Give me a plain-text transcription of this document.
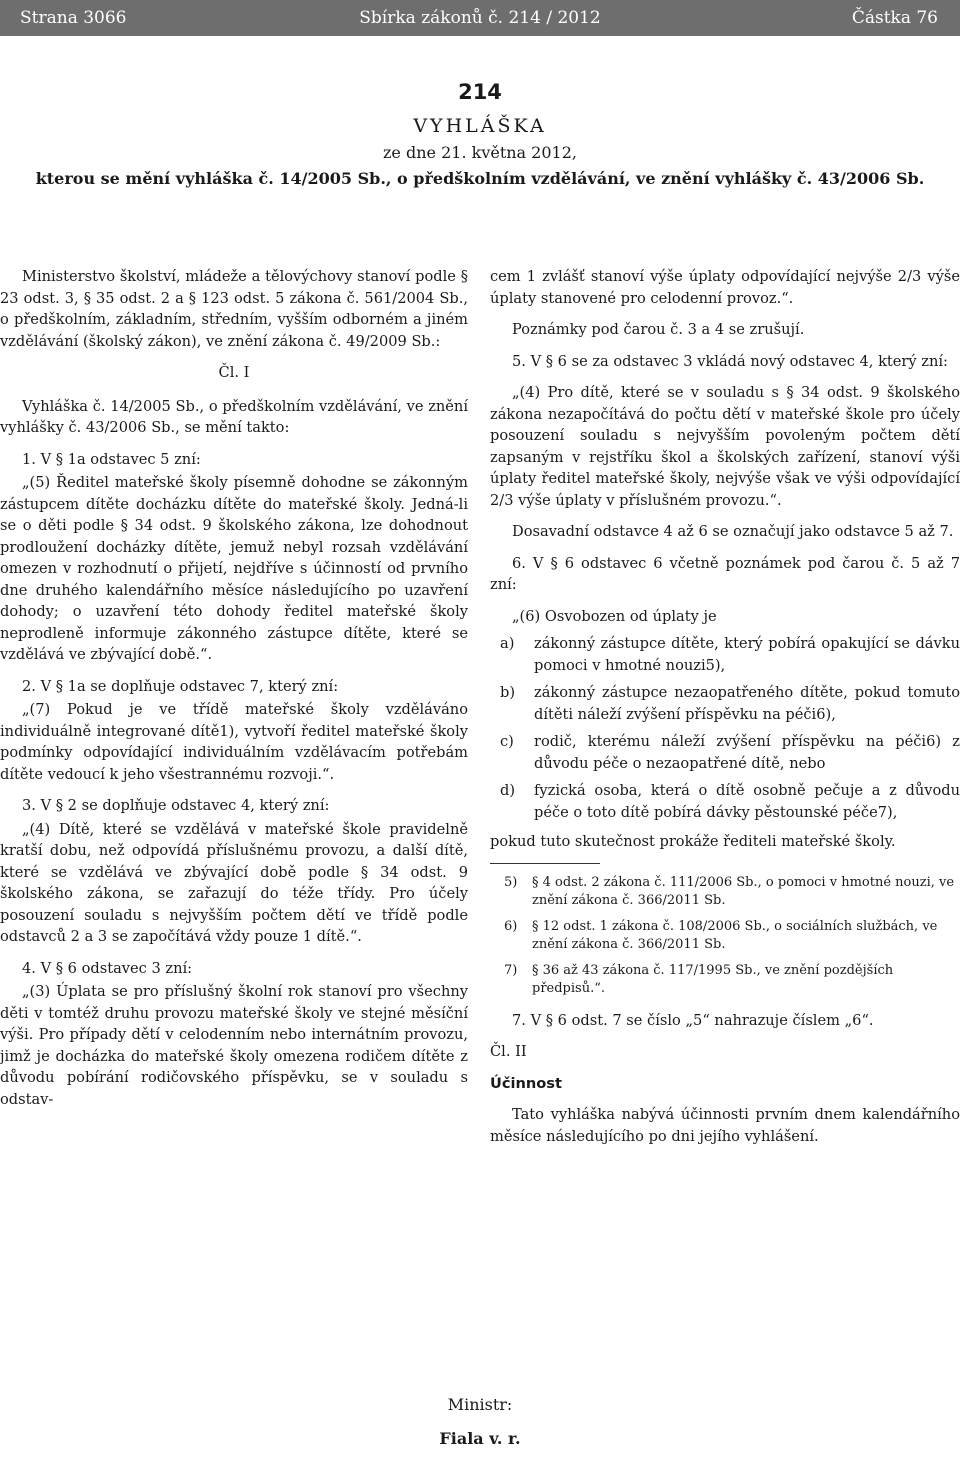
Strana 3066	Sbírka zákonů č. 214 / 2012	Částka 76
214
VYHLÁŠKA
ze dne 21. května 2012,
kterou se mění vyhláška č. 14/2005 Sb., o předškolním vzdělávání, ve znění vyhlášky č. 43/2006 Sb.

Ministerstvo školství, mládeže a tělovýchovy stanoví podle § 23 odst. 3, § 35 odst. 2 a § 123 odst. 5 zákona č. 561/2004 Sb., o předškolním, základním, středním, vyšším odborném a jiném vzdělávání (školský zákon), ve znění zákona č. 49/2009 Sb.:

Čl. I

Vyhláška č. 14/2005 Sb., o předškolním vzdělávání, ve znění vyhlášky č. 43/2006 Sb., se mění takto:

1. V § 1a odstavec 5 zní:

„(5) Ředitel mateřské školy písemně dohodne se zákonným zástupcem dítěte docházku dítěte do mateřské školy. Jedná-li se o děti podle § 34 odst. 9 školského zákona, lze dohodnout prodloužení docházky dítěte, jemuž nebyl rozsah vzdělávání omezen v rozhodnutí o přijetí, nejdříve s účinností od prvního dne druhého kalendářního měsíce následujícího po uzavření dohody; o uzavření této dohody ředitel mateřské školy neprodleně informuje zákonného zástupce dítěte, které se vzdělává ve zbývající době.“.

2. V § 1a se doplňuje odstavec 7, který zní:

„(7) Pokud je ve třídě mateřské školy vzděláváno individuálně integrované dítě1), vytvoří ředitel mateřské školy podmínky odpovídající individuálním vzdělávacím potřebám dítěte vedoucí k jeho všestrannému rozvoji.“.

3. V § 2 se doplňuje odstavec 4, který zní:

„(4) Dítě, které se vzdělává v mateřské škole pravidelně kratší dobu, než odpovídá příslušnému provozu, a další dítě, které se vzdělává ve zbývající době podle § 34 odst. 9 školského zákona, se zařazují do téže třídy. Pro účely posouzení souladu s nejvyšším počtem dětí ve třídě podle odstavců 2 a 3 se započítává vždy pouze 1 dítě.“.

4. V § 6 odstavec 3 zní:

„(3) Úplata se pro příslušný školní rok stanoví pro všechny děti v tomtéž druhu provozu mateřské školy ve stejné měsíční výši. Pro případy dětí v celodenním nebo internátním provozu, jimž je docházka do mateřské školy omezena rodičem dítěte z důvodu pobírání rodičovského příspěvku, se v souladu s odstav-

cem 1 zvlášť stanoví výše úplaty odpovídající nejvýše 2/3 výše úplaty stanovené pro celodenní provoz.“.

Poznámky pod čarou č. 3 a 4 se zrušují.

5. V § 6 se za odstavec 3 vkládá nový odstavec 4, který zní:

„(4) Pro dítě, které se v souladu s § 34 odst. 9 školského zákona nezapočítává do počtu dětí v mateřské škole pro účely posouzení souladu s nejvyšším povoleným počtem dětí zapsaným v rejstříku škol a školských zařízení, stanoví výši úplaty ředitel mateřské školy, nejvýše však ve výši odpovídající 2/3 výše úplaty v příslušném provozu.“.

Dosavadní odstavce 4 až 6 se označují jako odstavce 5 až 7.

6. V § 6 odstavec 6 včetně poznámek pod čarou č. 5 až 7 zní:

„(6) Osvobozen od úplaty je

a) zákonný zástupce dítěte, který pobírá opakující se dávku pomoci v hmotné nouzi5),
b) zákonný zástupce nezaopatřeného dítěte, pokud tomuto dítěti náleží zvýšení příspěvku na péči6),
c) rodič, kterému náleží zvýšení příspěvku na péči6) z důvodu péče o nezaopatřené dítě, nebo
d) fyzická osoba, která o dítě osobně pečuje a z důvodu péče o toto dítě pobírá dávky pěstounské péče7),

pokud tuto skutečnost prokáže řediteli mateřské školy.

5) § 4 odst. 2 zákona č. 111/2006 Sb., o pomoci v hmotné nouzi, ve znění zákona č. 366/2011 Sb.
6) § 12 odst. 1 zákona č. 108/2006 Sb., o sociálních službách, ve znění zákona č. 366/2011 Sb.
7) § 36 až 43 zákona č. 117/1995 Sb., ve znění pozdějších předpisů.“.

7. V § 6 odst. 7 se číslo „5“ nahrazuje číslem „6“.

Čl. II

Účinnost

Tato vyhláška nabývá účinnosti prvním dnem kalendářního měsíce následujícího po dni jejího vyhlášení.

Ministr:
Fiala v. r.
